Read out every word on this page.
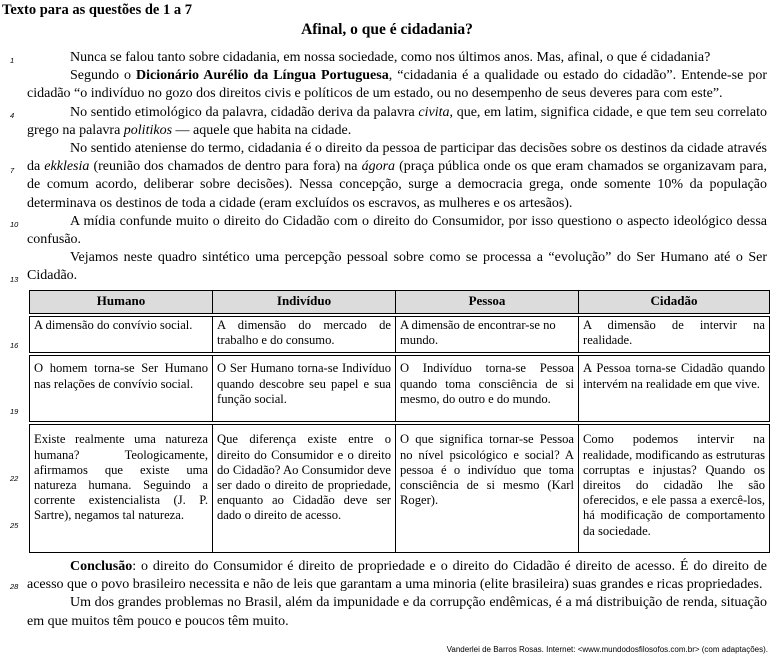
Texto para as questões de 1 a 7
Afinal, o que é cidadania?
1
4
7
10
13
16
19
22
25
28

Nunca se falou tanto sobre cidadania, em nossa sociedade, como nos últimos anos. Mas, afinal, o que é cidadania?

Segundo o Dicionário Aurélio da Língua Portuguesa, “cidadania é a qualidade ou estado do cidadão”. Entende-se por cidadão “o indivíduo no gozo dos direitos civis e políticos de um estado, ou no desempenho de seus deveres para com este”.

No sentido etimológico da palavra, cidadão deriva da palavra civita, que, em latim, significa cidade, e que tem seu correlato grego na palavra politikos — aquele que habita na cidade.

No sentido ateniense do termo, cidadania é o direito da pessoa de participar das decisões sobre os destinos da cidade através da ekklesia (reunião dos chamados de dentro para fora) na ágora (praça pública onde os que eram chamados se organizavam para, de comum acordo, deliberar sobre decisões). Nessa concepção, surge a democracia grega, onde somente 10% da população determinava os destinos de toda a cidade (eram excluídos os escravos, as mulheres e os artesãos).

A mídia confunde muito o direito do Cidadão com o direito do Consumidor, por isso questiono o aspecto ideológico dessa confusão.

Vejamos neste quadro sintético uma percepção pessoal sobre como se processa a “evolução” do Ser Humano até o Ser Cidadão.

Humano	Indivíduo	Pessoa	Cidadão

A dimensão do convívio social.	A dimensão do mercado de trabalho e do consumo.	A dimensão de encontrar-se no mundo.	A dimensão de intervir na realidade.

O homem torna-se Ser Humano nas relações de convívio social.	O Ser Humano torna-se Indivíduo quando descobre seu papel e sua função social.	O Indivíduo torna-se Pessoa quando toma consciência de si mesmo, do outro e do mundo.	A Pessoa torna-se Cidadão quando intervém na realidade em que vive.

Existe realmente uma natureza humana? Teologicamente, afirmamos que existe uma natureza humana. Seguindo a corrente existencialista (J. P. Sartre), negamos tal natureza.	Que diferença existe entre o direito do Consumidor e o direito do Cidadão? Ao Consumidor deve ser dado o direito de propriedade, enquanto ao Cidadão deve ser dado o direito de acesso.	O que significa tornar-se Pessoa no nível psicológico e social? A pessoa é o indivíduo que toma consciência de si mesmo (Karl Roger).	Como podemos intervir na realidade, modificando as estruturas corruptas e injustas? Quando os direitos do cidadão lhe são oferecidos, e ele passa a exercê-los, há modificação de comportamento da sociedade.

Conclusão: o direito do Consumidor é direito de propriedade e o direito do Cidadão é direito de acesso. É do direito de acesso que o povo brasileiro necessita e não de leis que garantam a uma minoria (elite brasileira) suas grandes e ricas propriedades.

Um dos grandes problemas no Brasil, além da impunidade e da corrupção endêmicas, é a má distribuição de renda, situação em que muitos têm pouco e poucos têm muito.

Vanderlei de Barros Rosas. Internet: <www.mundodosfilosofos.com.br> (com adaptações).
